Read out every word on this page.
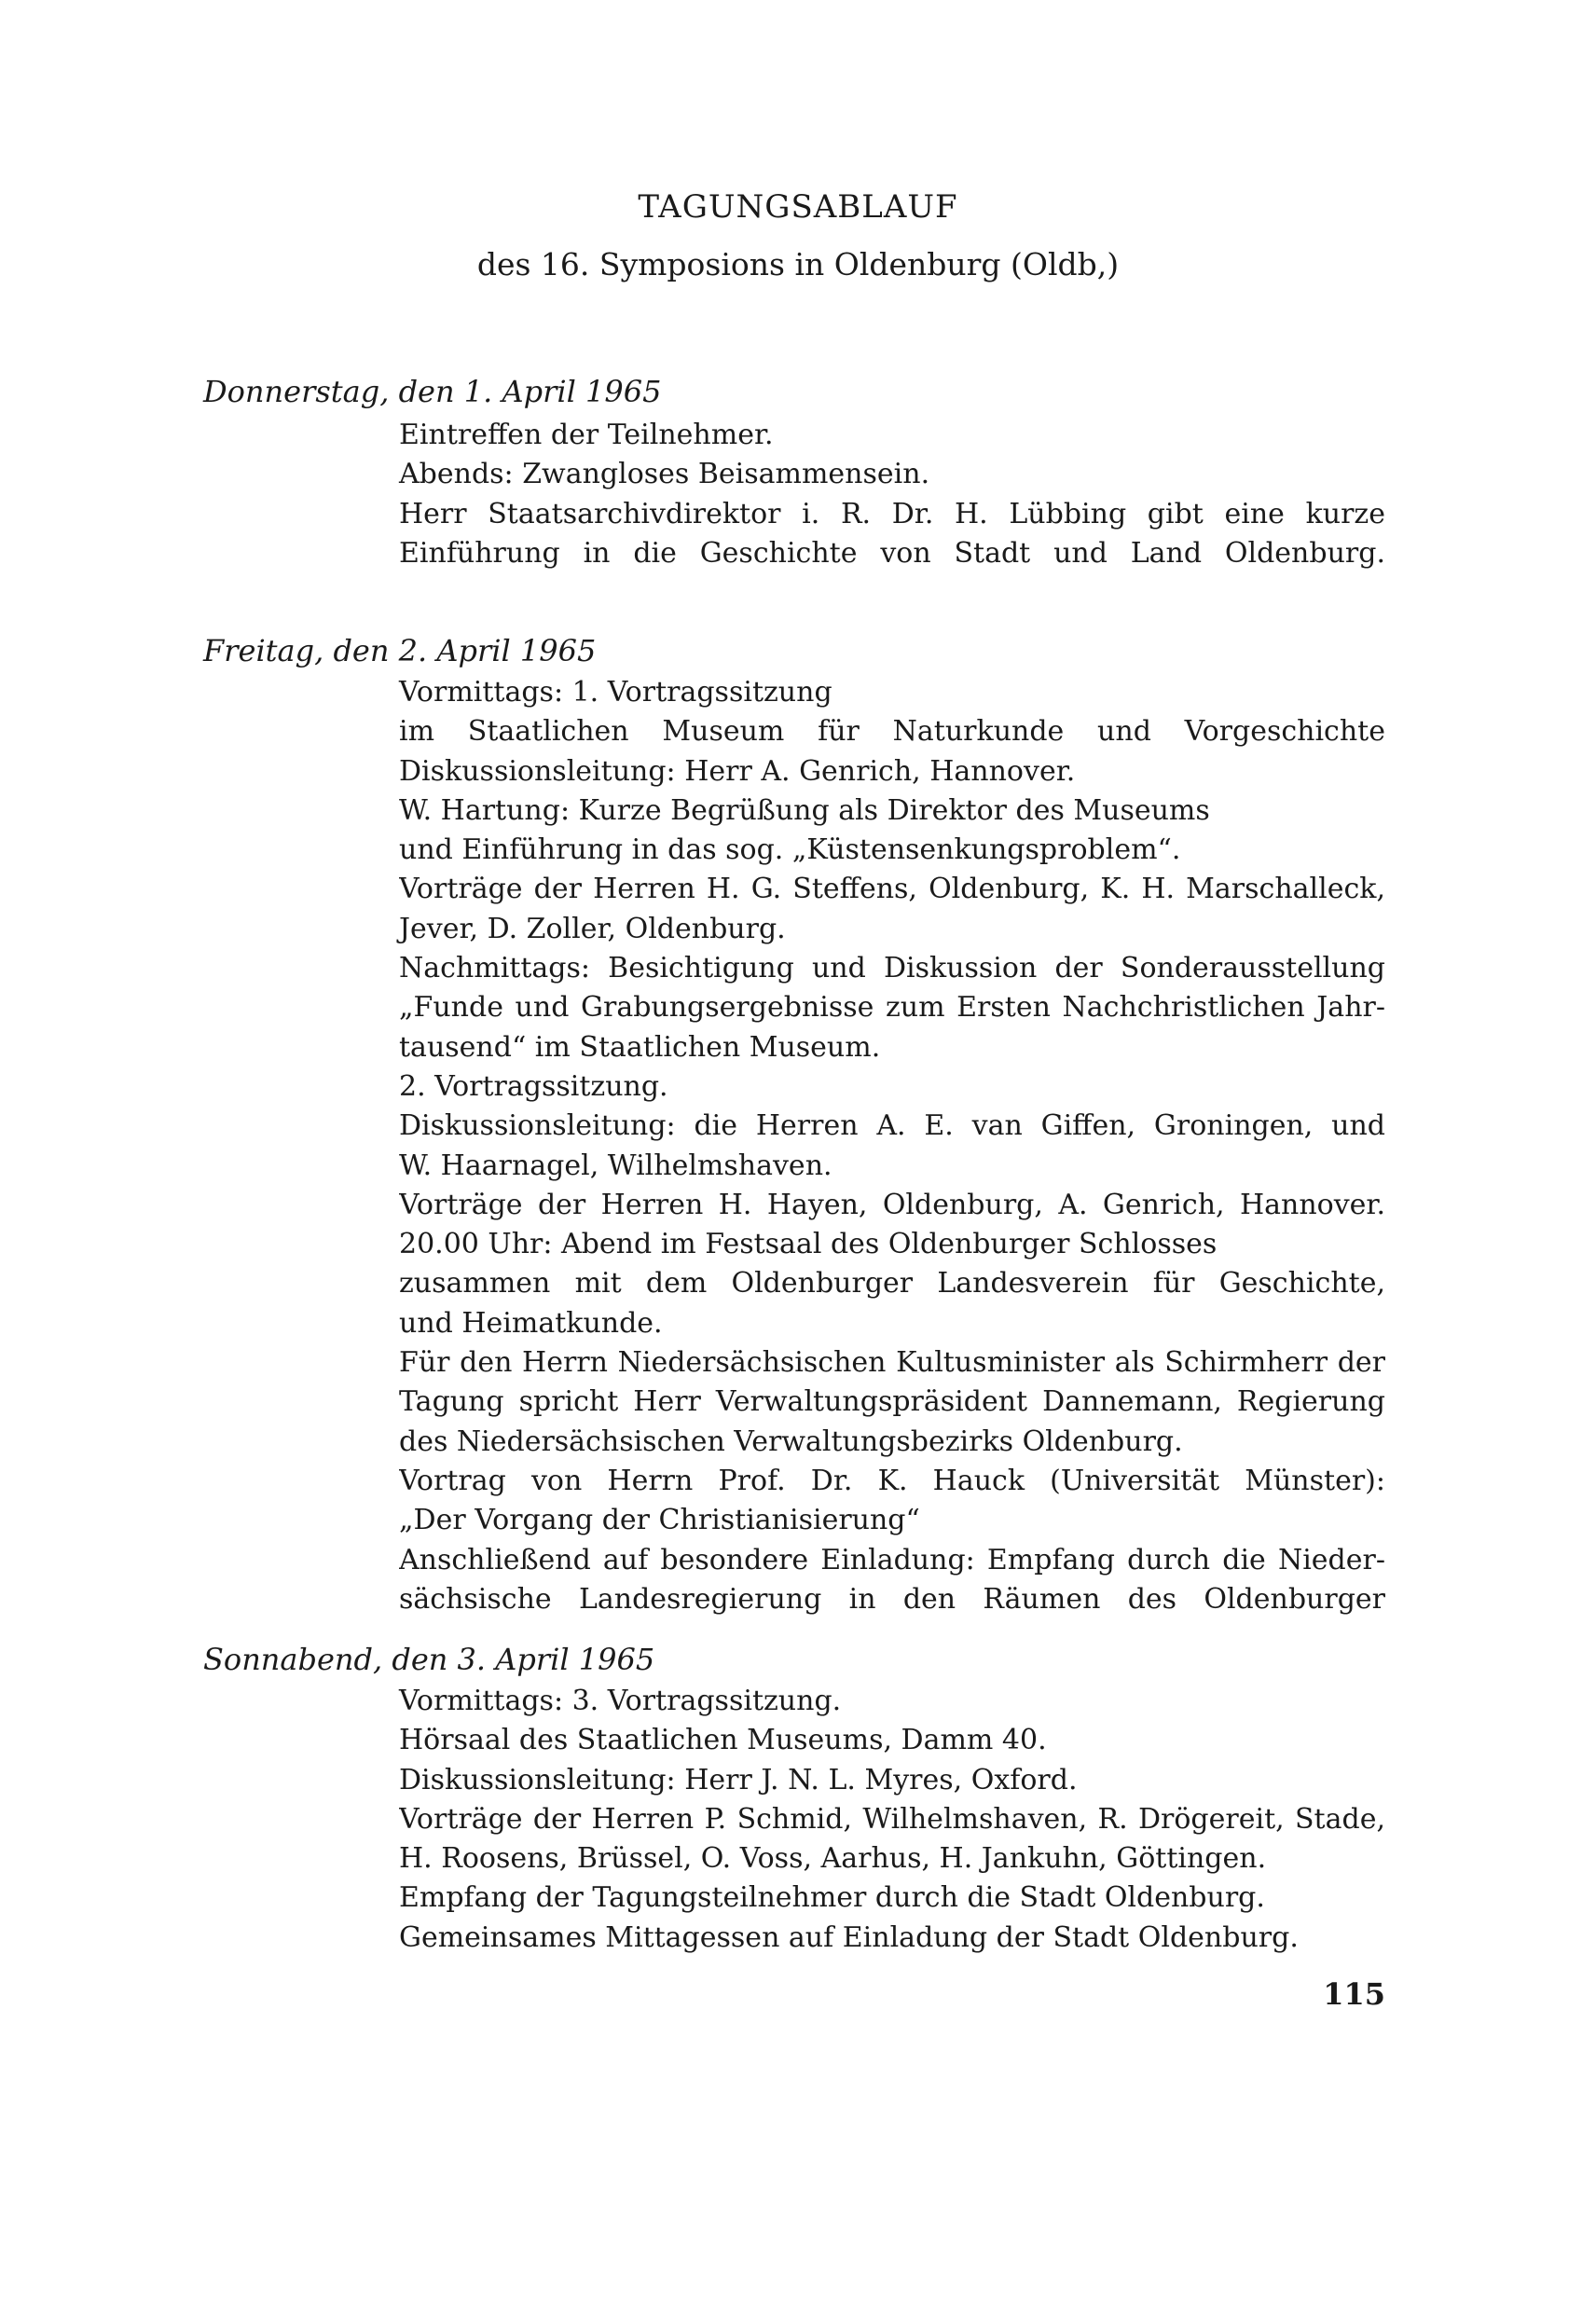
TAGUNGSABLAUF
des 16. Symposions in Oldenburg (Oldb,)
Donnerstag, den 1. April 1965
Eintreffen der Teilnehmer.
Abends: Zwangloses Beisammensein.
Herr Staatsarchivdirektor i. R. Dr. H. Lübbing gibt eine kurze
Einführung in die Geschichte von Stadt und Land Oldenburg.
Freitag, den 2. April 1965
Vormittags: 1. Vortragssitzung
im Staatlichen Museum für Naturkunde und Vorgeschichte
Diskussionsleitung: Herr A. Genrich, Hannover.
W. Hartung: Kurze Begrüßung als Direktor des Museums
und Einführung in das sog. „Küstensenkungsproblem“.
Vorträge der Herren H. G. Steffens, Oldenburg, K. H. Marschalleck,
Jever, D. Zoller, Oldenburg.
Nachmittags: Besichtigung und Diskussion der Sonderausstellung
„Funde und Grabungsergebnisse zum Ersten Nachchristlichen Jahr-
tausend“ im Staatlichen Museum.
2. Vortragssitzung.
Diskussionsleitung: die Herren A. E. van Giffen, Groningen, und
W. Haarnagel, Wilhelmshaven.
Vorträge der Herren H. Hayen, Oldenburg, A. Genrich, Hannover.
20.00 Uhr: Abend im Festsaal des Oldenburger Schlosses
zusammen mit dem Oldenburger Landesverein für Geschichte,
und Heimatkunde.
Für den Herrn Niedersächsischen Kultusminister als Schirmherr der
Tagung spricht Herr Verwaltungspräsident Dannemann, Regierung
des Niedersächsischen Verwaltungsbezirks Oldenburg.
Vortrag von Herrn Prof. Dr. K. Hauck (Universität Münster):
„Der Vorgang der Christianisierung“
Anschließend auf besondere Einladung: Empfang durch die Nieder-
sächsische Landesregierung in den Räumen des Oldenburger
Sonnabend, den 3. April 1965
Vormittags: 3. Vortragssitzung.
Hörsaal des Staatlichen Museums, Damm 40.
Diskussionsleitung: Herr J. N. L. Myres, Oxford.
Vorträge der Herren P. Schmid, Wilhelmshaven, R. Drögereit, Stade,
H. Roosens, Brüssel, O. Voss, Aarhus, H. Jankuhn, Göttingen.
Empfang der Tagungsteilnehmer durch die Stadt Oldenburg.
Gemeinsames Mittagessen auf Einladung der Stadt Oldenburg.
115
